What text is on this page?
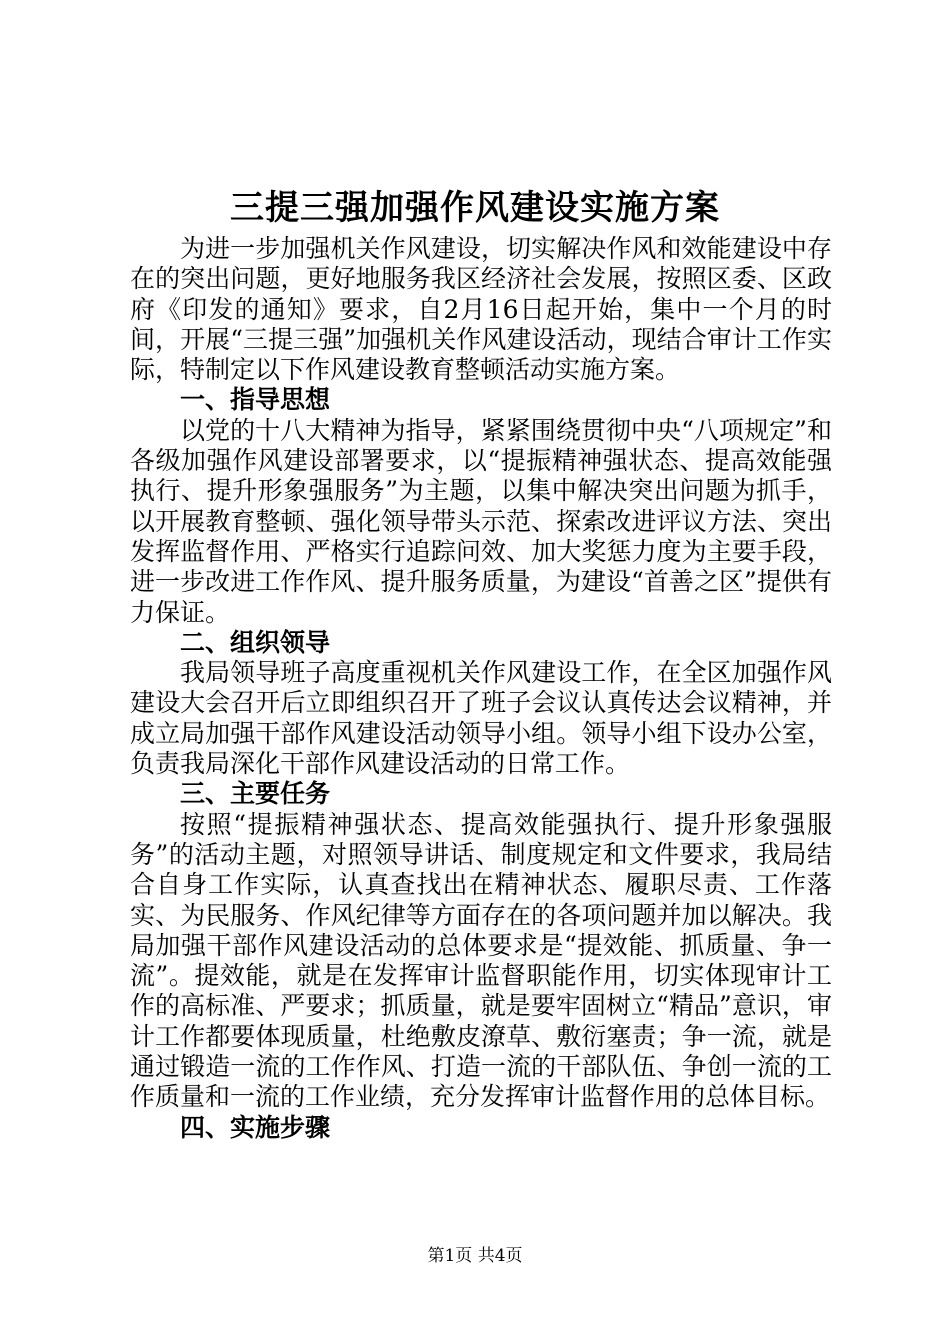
三提三强加强作风建设实施方案

为进一步加强机关作风建设，切实解决作风和效能建设中存在的突出问题，更好地服务我区经济社会发展，按照区委、区政府《印发的通知》要求，自2月16日起开始，集中一个月的时间，开展“三提三强”加强机关作风建设活动，现结合审计工作实际，特制定以下作风建设教育整顿活动实施方案。

一、指导思想

以党的十八大精神为指导，紧紧围绕贯彻中央“八项规定”和各级加强作风建设部署要求，以“提振精神强状态、提高效能强执行、提升形象强服务”为主题，以集中解决突出问题为抓手，以开展教育整顿、强化领导带头示范、探索改进评议方法、突出发挥监督作用、严格实行追踪问效、加大奖惩力度为主要手段，进一步改进工作作风、提升服务质量，为建设“首善之区”提供有力保证。

二、组织领导

我局领导班子高度重视机关作风建设工作，在全区加强作风建设大会召开后立即组织召开了班子会议认真传达会议精神，并成立局加强干部作风建设活动领导小组。领导小组下设办公室，负责我局深化干部作风建设活动的日常工作。

三、主要任务

按照“提振精神强状态、提高效能强执行、提升形象强服务”的活动主题，对照领导讲话、制度规定和文件要求，我局结合自身工作实际，认真查找出在精神状态、履职尽责、工作落实、为民服务、作风纪律等方面存在的各项问题并加以解决。我局加强干部作风建设活动的总体要求是“提效能、抓质量、争一流”。提效能，就是在发挥审计监督职能作用，切实体现审计工作的高标准、严要求；抓质量，就是要牢固树立“精品”意识，审计工作都要体现质量，杜绝敷皮潦草、敷衍塞责；争一流，就是通过锻造一流的工作作风、打造一流的干部队伍、争创一流的工作质量和一流的工作业绩，充分发挥审计监督作用的总体目标。

四、实施步骤
第1页 共4页
